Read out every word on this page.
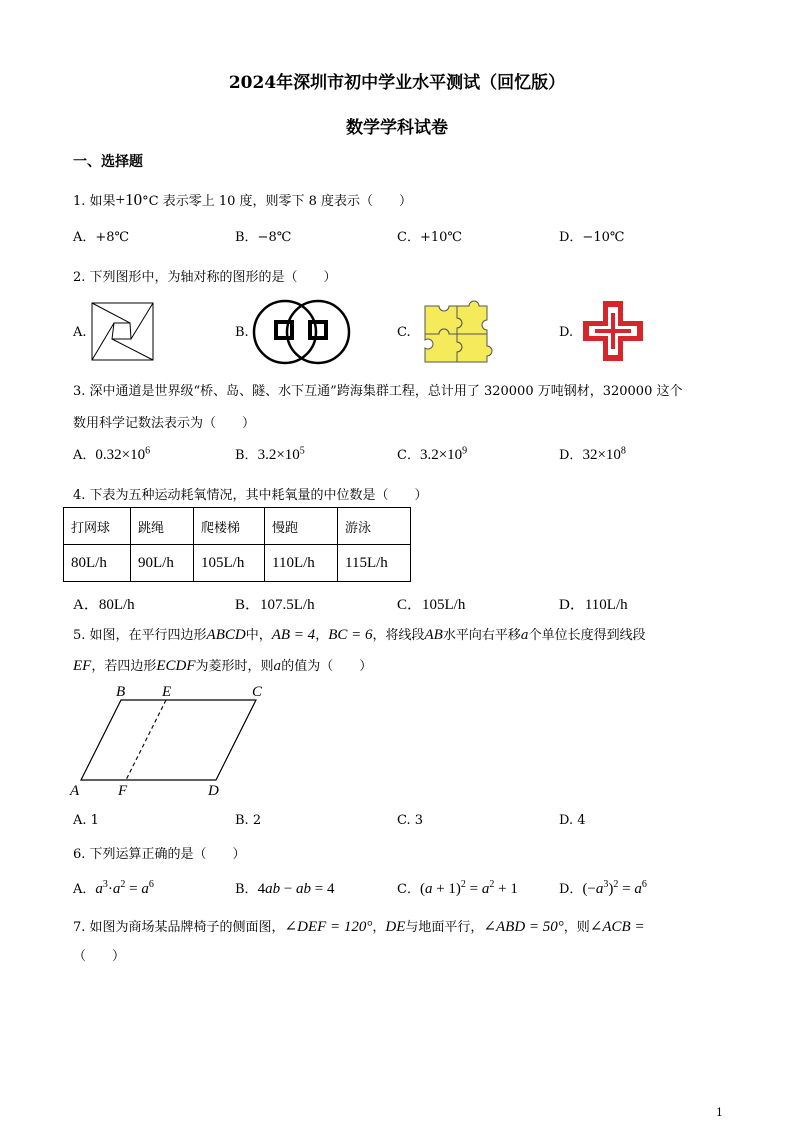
2024年深圳市初中学业水平测试（回忆版）
数学学科试卷
一、选择题
1. 如果+10°C 表示零上 10 度，则零下 8 度表示（　　）
A．+8℃	B．−8℃	C．+10℃	D．−10℃
2. 下列图形中，为轴对称的图形的是（　　）
A.	B.	C.	D.
3. 深中通道是世界级“桥、岛、隧、水下互通”跨海集群工程，总计用了 320000 万吨钢材，320000 这个
数用科学记数法表示为（　　）
A．$0.32\times 10^6$	B．$3.2\times 10^5$	C．$3.2\times 10^9$	D．$32\times 10^8$
4. 下表为五种运动耗氧情况，其中耗氧量的中位数是（　　）
打网球	跳绳	爬楼梯	慢跑	游泳
80L/h	90L/h	105L/h	110L/h	115L/h
A．80L/h	B．107.5L/h	C．105L/h	D．110L/h
5. 如图，在平行四边形ABCD中，AB = 4，BC = 6，将线段AB水平向右平移a个单位长度得到线段
EF，若四边形ECDF为菱形时，则a的值为（　　）
B E	C
A	F	D
A. 1	B. 2	C. 3	D. 4
6. 下列运算正确的是（　　）
A．$a^3\cdot a^2 = a^6$	B．4ab − ab = 4	C．$(a + 1)^2 = a^2 + 1$	D．$(-a^3)^2 = a^6$
7. 如图为商场某品牌椅子的侧面图，∠DEF = 120°，DE与地面平行，∠ABD = 50°，则∠ACB =
（　　）
1
